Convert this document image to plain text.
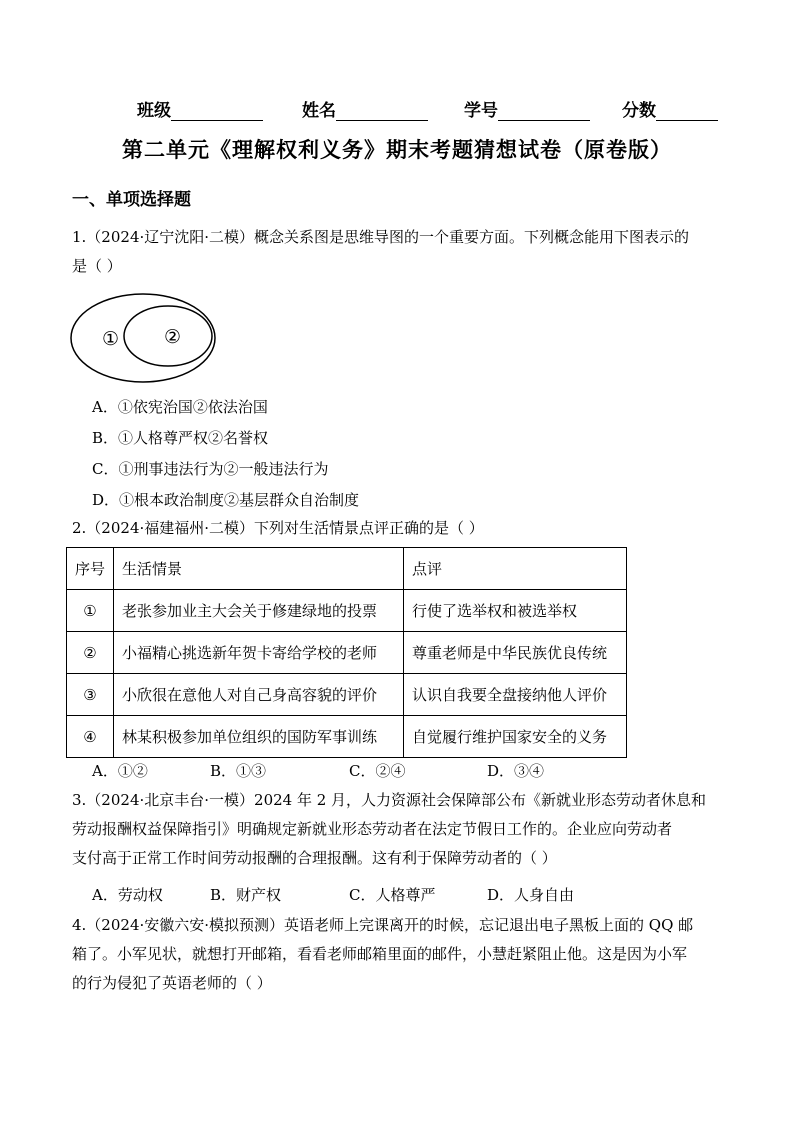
班级	姓名	学号	分数
第二单元《理解权利义务》期末考题猜想试卷（原卷版）
一、单项选择题
1.（2024·辽宁沈阳·二模）概念关系图是思维导图的一个重要方面。下列概念能用下图表示的
是（ ）
① ②
A．①依宪治国②依法治国
B．①人格尊严权②名誉权
C．①刑事违法行为②一般违法行为
D．①根本政治制度②基层群众自治制度
2.（2024·福建福州·二模）下列对生活情景点评正确的是（ ）
序号	生活情景	点评
①	老张参加业主大会关于修建绿地的投票	行使了选举权和被选举权
②	小福精心挑选新年贺卡寄给学校的老师	尊重老师是中华民族优良传统
③	小欣很在意他人对自己身高容貌的评价	认识自我要全盘接纳他人评价
④	林某积极参加单位组织的国防军事训练	自觉履行维护国家安全的义务
A．①②	B．①③	C．②④	D．③④
3.（2024·北京丰台·一模）2024 年 2 月，人力资源社会保障部公布《新就业形态劳动者休息和
劳动报酬权益保障指引》明确规定新就业形态劳动者在法定节假日工作的。企业应向劳动者
支付高于正常工作时间劳动报酬的合理报酬。这有利于保障劳动者的（ ）
A．劳动权	B．财产权	C．人格尊严	D．人身自由
4.（2024·安徽六安·模拟预测）英语老师上完课离开的时候，忘记退出电子黑板上面的 QQ 邮
箱了。小军见状，就想打开邮箱，看看老师邮箱里面的邮件，小慧赶紧阻止他。这是因为小军
的行为侵犯了英语老师的（ ）
